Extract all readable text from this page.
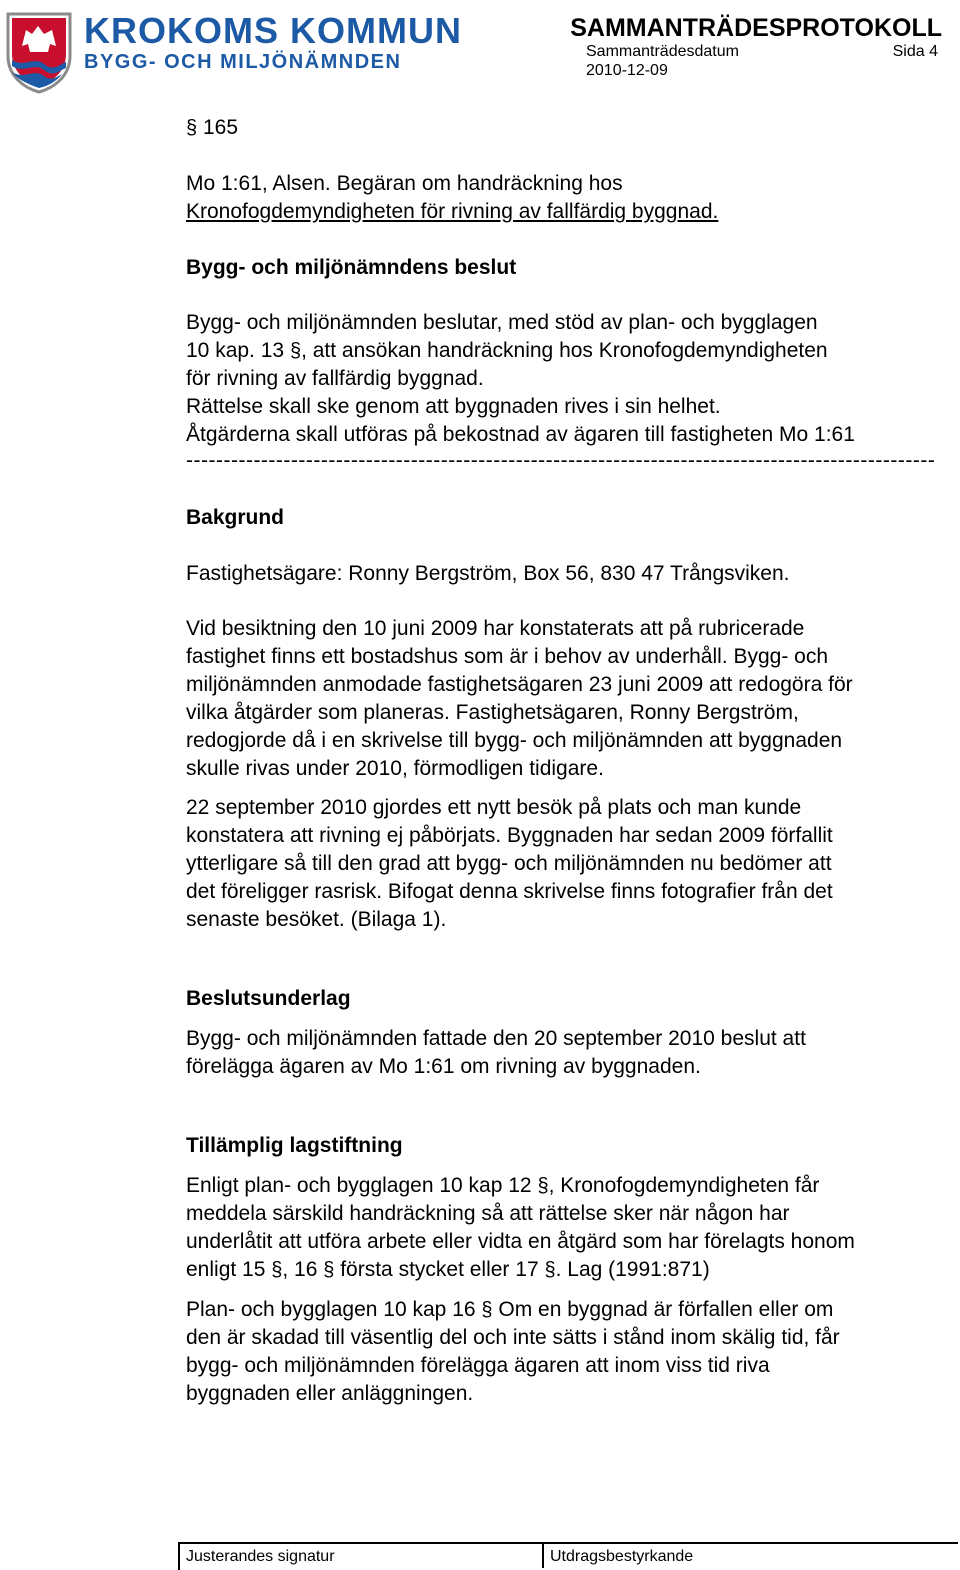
KROKOMS KOMMUN
BYGG- OCH MILJÖNÄMNDEN
SAMMANTRÄDESPROTOKOLL
Sammanträdesdatum	Sida 4
2010-12-09
§ 165
Mo 1:61, Alsen. Begäran om handräckning hos
Kronofogdemyndigheten för rivning av fallfärdig byggnad.
Bygg- och miljönämndens beslut
Bygg- och miljönämnden beslutar, med stöd av plan- och bygglagen
10 kap. 13 §, att ansökan handräckning hos Kronofogdemyndigheten
för rivning av fallfärdig byggnad.
Rättelse skall ske genom att byggnaden rives i sin helhet.
Åtgärderna skall utföras på bekostnad av ägaren till fastigheten Mo 1:61
----------------------------------------------------------------------------------------------------
Bakgrund
Fastighetsägare: Ronny Bergström, Box 56, 830 47 Trångsviken.
Vid besiktning den 10 juni 2009 har konstaterats att på rubricerade
fastighet finns ett bostadshus som är i behov av underhåll. Bygg- och
miljönämnden anmodade fastighetsägaren 23 juni 2009 att redogöra för
vilka åtgärder som planeras. Fastighetsägaren, Ronny Bergström,
redogjorde då i en skrivelse till bygg- och miljönämnden att byggnaden
skulle rivas under 2010, förmodligen tidigare.
22 september 2010 gjordes ett nytt besök på plats och man kunde
konstatera att rivning ej påbörjats. Byggnaden har sedan 2009 förfallit
ytterligare så till den grad att bygg- och miljönämnden nu bedömer att
det föreligger rasrisk. Bifogat denna skrivelse finns fotografier från det
senaste besöket. (Bilaga 1).
Beslutsunderlag
Bygg- och miljönämnden fattade den 20 september 2010 beslut att
förelägga ägaren av Mo 1:61 om rivning av byggnaden.
Tillämplig lagstiftning
Enligt plan- och bygglagen 10 kap 12 §, Kronofogdemyndigheten får
meddela särskild handräckning så att rättelse sker när någon har
underlåtit att utföra arbete eller vidta en åtgärd som har förelagts honom
enligt 15 §, 16 § första stycket eller 17 §. Lag (1991:871)
Plan- och bygglagen 10 kap 16 § Om en byggnad är förfallen eller om
den är skadad till väsentlig del och inte sätts i stånd inom skälig tid, får
bygg- och miljönämnden förelägga ägaren att inom viss tid riva
byggnaden eller anläggningen.
Justerandes signatur	Utdragsbestyrkande
